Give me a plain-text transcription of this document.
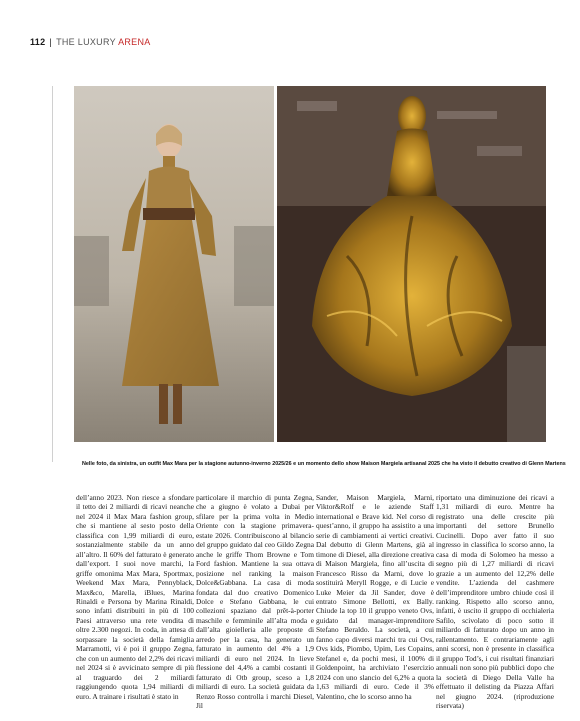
112 | THE LUXURY ARENA
Nelle foto, da sinistra, un outfit Max Mara per la stagione autunno-inverno 2025/26 e un momento dello show Maison Margiela artisanal 2025 che ha visto il debutto creativo di Glenn Martens
dell’anno 2023. Non riesce a sfondare il tetto dei 2 miliardi di ricavi neanche nel 2024 il Max Mara fashion group, che si mantiene al sesto posto della classifica con 1,99 miliardi di euro, sostanzialmente stabile da un anno all’altro. Il 60% del fatturato è generato dall’export. I suoi nove marchi, la griffe omonima Max Mara, Sportmax, Weekend Max Mara, Pennyblack, Max&co, Marella, iBlues, Marina Rinaldi e Persona by Marina Rinaldi, sono infatti distribuiti in più di 100 Paesi attraverso una rete vendita di oltre 2.300 negozi. In coda, in attesa di sorpassare la società della famiglia Marramotti, vi è poi il gruppo Zegna, che con un aumento del 2,2% dei ricavi nel 2024 si è avvicinato sempre di più al traguardo dei 2 miliardi raggiungendo quota 1,94 miliardi di euro. A trainare i risultati è stato in
particolare il marchio di punta Zegna, che a giugno è volato a Dubai per sfilare per la prima volta in Medio Oriente con la stagione primavera-estate 2026. Contribuiscono al bilancio del gruppo guidato dal ceo Gildo Zegna anche le griffe Thom Browne e Tom Ford fashion. Mantiene la sua ottava posizione nel ranking la maison Dolce&Gabbana. La casa di moda fondata dal duo creativo Domenico Dolce e Stefano Gabbana, le cui collezioni spaziano dal prêt-à-porter maschile e femminile all’alta moda e dall’alta gioielleria alle proposte di arredo per la casa, ha generato un fatturato in aumento del 4% a 1,9 miliardi di euro nel 2024. In lieve flessione del 4,4% a cambi costanti il fatturato di Otb group, sceso a 1,8 miliardi di euro. La società guidata da Renzo Rosso controlla i marchi Diesel, Jil
Sander, Maison Margiela, Marni, Viktor&Rolf e le aziende Staff international e Brave kid. Nel corso di quest’anno, il gruppo ha assistito a una serie di cambiamenti ai vertici creativi. Dal debutto di Glenn Martens, già al timone di Diesel, alla direzione creativa di Maison Margiela, fino all’uscita di Francesco Risso da Marni, dove lo sostituirà Meryll Rogge, e di Lucie e Luke Meier da Jil Sander, dove è entrato Simone Bellotti, ex Bally. Chiude la top 10 il gruppo veneto Ovs, guidato dal manager-imprenditore Stefano Beraldo. La società, a cui fanno capo diversi marchi tra cui Ovs, Ovs kids, Piombo, Upim, Les Copains, Stefanel e, da pochi mesi, il 100% di Goldenpoint, ha archiviato l’esercizio 2024 con uno slancio del 6,2% a quota 1,63 miliardi di euro. Cede il 3% Valentino, che lo scorso anno ha
riportato una diminuzione dei ricavi a 1,31 miliardi di euro. Mentre ha registrato una delle crescite più importanti del settore Brunello Cucinelli. Dopo aver fatto il suo ingresso in classifica lo scorso anno, la casa di moda di Solomeo ha messo a segno più di 1,27 miliardi di ricavi grazie a un aumento del 12,2% delle vendite. L’azienda del cashmere dell’imprenditore umbro chiude così il ranking. Rispetto allo scorso anno, infatti, è uscito il gruppo di occhialeria Safilo, scivolato di poco sotto il miliardo di fatturato dopo un anno in rallentamento. E contrariamente agli anni scorsi, non è presente in classifica il gruppo Tod’s, i cui risultati finanziari annuali non sono più pubblici dopo che la società di Diego Della Valle ha effettuato il delisting da Piazza Affari nel giugno 2024. (riproduzione riservata)
